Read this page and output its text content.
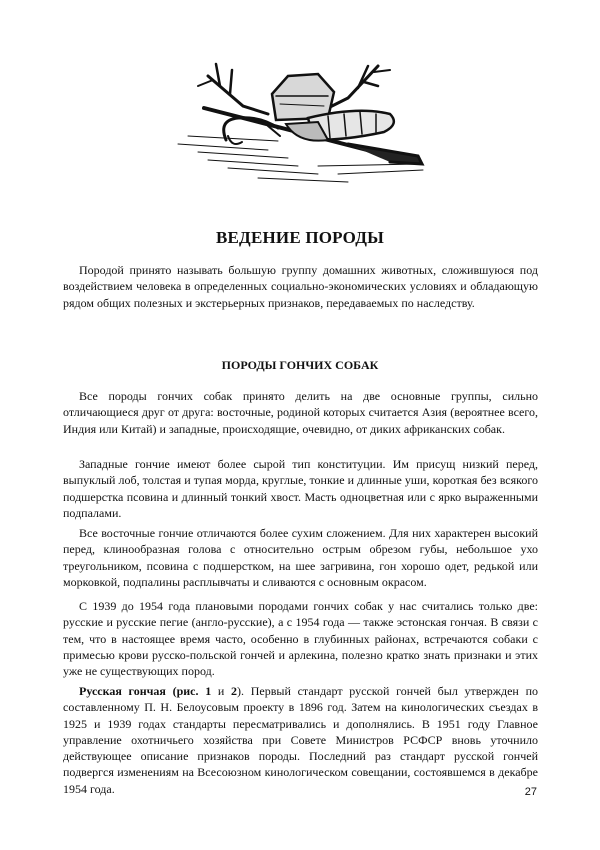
ВЕДЕНИЕ ПОРОДЫ

Породой принято называть большую группу домашних животных, сложившуюся под воздействием человека в определенных социально-экономических условиях и обладающую рядом общих полезных и экстерьерных признаков, передаваемых по наследству.

ПОРОДЫ ГОНЧИХ СОБАК

Все породы гончих собак принято делить на две основные группы, сильно отличающиеся друг от друга: восточные, родиной которых считается Азия (вероятнее всего, Индия или Китай) и западные, происходящие, очевидно, от диких африканских собак.

Западные гончие имеют более сырой тип конституции. Им присущ низкий перед, выпуклый лоб, толстая и тупая морда, круглые, тонкие и длинные уши, короткая без всякого подшерстка псовина и длинный тонкий хвост. Масть одноцветная или с ярко выраженными подпалами.

Все восточные гончие отличаются более сухим сложением. Для них характерен высокий перед, клинообразная голова с относительно острым обрезом губы, небольшое ухо треугольником, псовина с подшерстком, на шее загривина, гон хорошо одет, редькой или морковкой, подпалины расплывчаты и сливаются с основным окрасом.

С 1939 до 1954 года плановыми породами гончих собак у нас считались только две: русские и русские пегие (англо-русские), а с 1954 года — также эстонская гончая. В связи с тем, что в настоящее время часто, особенно в глубинных районах, встречаются собаки с примесью крови русско-польской гончей и арлекина, полезно кратко знать признаки и этих уже не существующих пород.

Русская гончая (рис. 1 и 2). Первый стандарт русской гончей был утвержден по составленному П. Н. Белоусовым проекту в 1896 год. Затем на кинологических съездах в 1925 и 1939 годах стандарты пересматривались и дополнялись. В 1951 году Главное управление охотничьего хозяйства при Совете Министров РСФСР вновь уточнило действующее описание признаков породы. Последний раз стандарт русской гончей подвергся изменениям на Всесоюзном кинологическом совещании, состоявшемся в декабре 1954 года.	27
